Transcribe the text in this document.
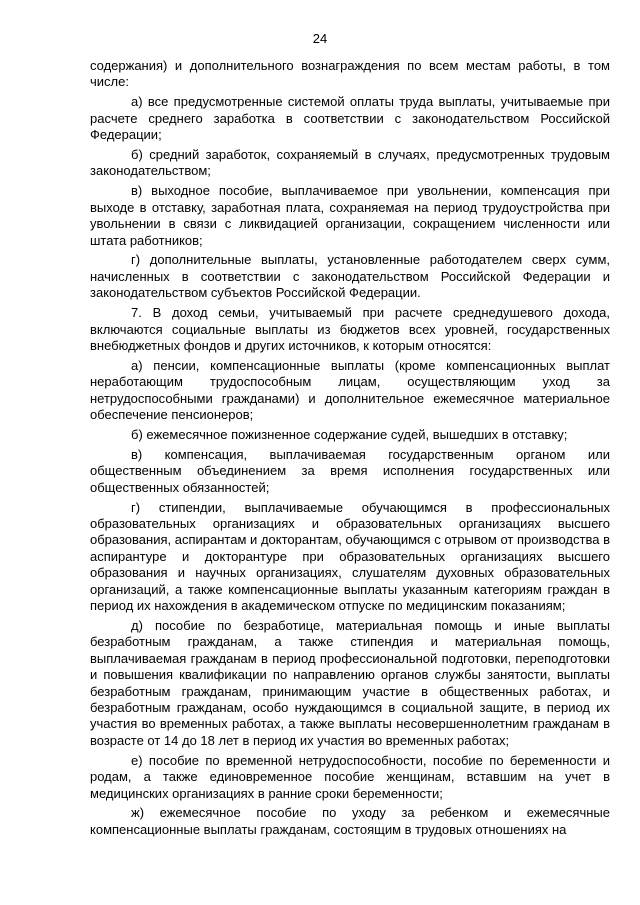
24

содержания) и дополнительного вознаграждения по всем местам работы, в том числе:

а) все предусмотренные системой оплаты труда выплаты, учитываемые при расчете среднего заработка в соответствии с законодательством Российской Федерации;

б) средний заработок, сохраняемый в случаях, предусмотренных трудовым законодательством;

в) выходное пособие, выплачиваемое при увольнении, компенсация при выходе в отставку, заработная плата, сохраняемая на период трудоустройства при увольнении в связи с ликвидацией организации, сокращением численности или штата работников;

г) дополнительные выплаты, установленные работодателем сверх сумм, начисленных в соответствии с законодательством Российской Федерации и законодательством субъектов Российской Федерации.

7. В доход семьи, учитываемый при расчете среднедушевого дохода, включаются социальные выплаты из бюджетов всех уровней, государственных внебюджетных фондов и других источников, к которым относятся:

а) пенсии, компенсационные выплаты (кроме компенсационных выплат неработающим трудоспособным лицам, осуществляющим уход за нетрудоспособными гражданами) и дополнительное ежемесячное материальное обеспечение пенсионеров;

б) ежемесячное пожизненное содержание судей, вышедших в отставку;

в) компенсация, выплачиваемая государственным органом или общественным объединением за время исполнения государственных или общественных обязанностей;

г) стипендии, выплачиваемые обучающимся в профессиональных образовательных организациях и образовательных организациях высшего образования, аспирантам и докторантам, обучающимся с отрывом от производства в аспирантуре и докторантуре при образовательных организациях высшего образования и научных организациях, слушателям духовных образовательных организаций, а также компенсационные выплаты указанным категориям граждан в период их нахождения в академическом отпуске по медицинским показаниям;

д) пособие по безработице, материальная помощь и иные выплаты безработным гражданам, а также стипендия и материальная помощь, выплачиваемая гражданам в период профессиональной подготовки, переподготовки и повышения квалификации по направлению органов службы занятости, выплаты безработным гражданам, принимающим участие в общественных работах, и безработным гражданам, особо нуждающимся в социальной защите, в период их участия во временных работах, а также выплаты несовершеннолетним гражданам в возрасте от 14 до 18 лет в период их участия во временных работах;

е) пособие по временной нетрудоспособности, пособие по беременности и родам, а также единовременное пособие женщинам, вставшим на учет в медицинских организациях в ранние сроки беременности;

ж) ежемесячное пособие по уходу за ребенком и ежемесячные компенсационные выплаты гражданам, состоящим в трудовых отношениях на
